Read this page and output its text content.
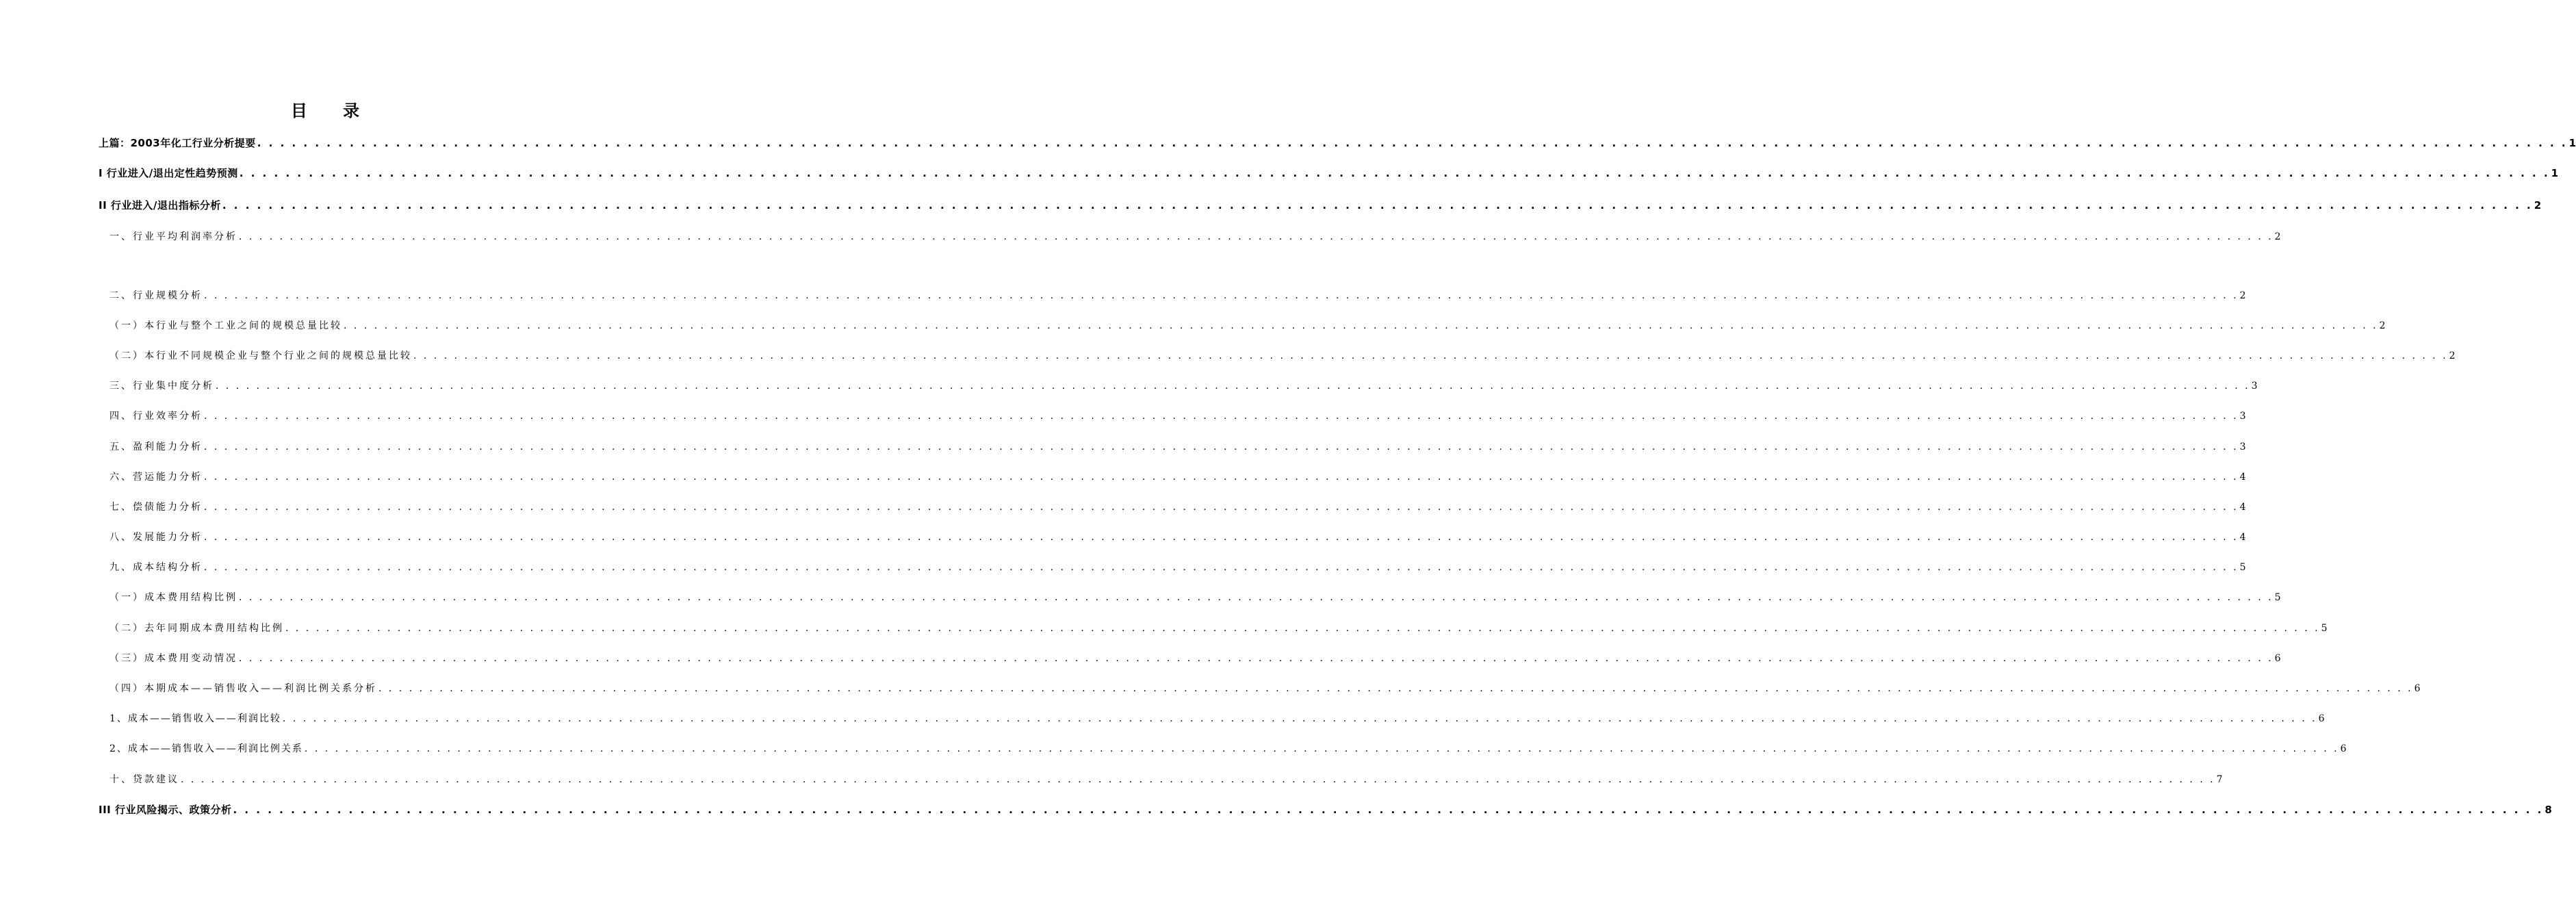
目 录
上篇：2003年化工行业分析提要 . . . . . . . . . . . . . . . . . . . . . . . . . . . . . . . . . . . . . . . . . . . . . . . . . . . . . . . . . . . . . . . . . . . . . . . . . . . . . . . . . . . . . . . . . . . . . . . . . . . . . . . . . . . . . . . . . . . . . . . . . . . . . . . . . . . . . . . . . . . . . . . . . . . . . . . . . . . . . . . . . . . . . . . . . . . . . . . . . . . . . . . . . . . . . . . . . . . . . . . . 1
I 行业进入/退出定性趋势预测 . . . . . . . . . . . . . . . . . . . . . . . . . . . . . . . . . . . . . . . . . . . . . . . . . . . . . . . . . . . . . . . . . . . . . . . . . . . . . . . . . . . . . . . . . . . . . . . . . . . . . . . . . . . . . . . . . . . . . . . . . . . . . . . . . . . . . . . . . . . . . . . . . . . . . . . . . . . . . . . . . . . . . . . . . . . . . . . . . . . . . . . . . . . . . . . . . . . . . . . . 1
II 行业进入/退出指标分析 . . . . . . . . . . . . . . . . . . . . . . . . . . . . . . . . . . . . . . . . . . . . . . . . . . . . . . . . . . . . . . . . . . . . . . . . . . . . . . . . . . . . . . . . . . . . . . . . . . . . . . . . . . . . . . . . . . . . . . . . . . . . . . . . . . . . . . . . . . . . . . . . . . . . . . . . . . . . . . . . . . . . . . . . . . . . . . . . . . . . . . . . . . . . . . . . . . . . . . . . 2
一、行业平均利润率分析 . . . . . . . . . . . . . . . . . . . . . . . . . . . . . . . . . . . . . . . . . . . . . . . . . . . . . . . . . . . . . . . . . . . . . . . . . . . . . . . . . . . . . . . . . . . . . . . . . . . . . . . . . . . . . . . . . . . . . . . . . . . . . . . . . . . . . . . . . . . . . . . . . . . . . . . . . . . . . . . . . . . . . . . . . . . . . . . . . . . . . . . . . . . . . . . . . . . . . . . . 2
二、行业规模分析 . . . . . . . . . . . . . . . . . . . . . . . . . . . . . . . . . . . . . . . . . . . . . . . . . . . . . . . . . . . . . . . . . . . . . . . . . . . . . . . . . . . . . . . . . . . . . . . . . . . . . . . . . . . . . . . . . . . . . . . . . . . . . . . . . . . . . . . . . . . . . . . . . . . . . . . . . . . . . . . . . . . . . . . . . . . . . . . . . . . . . . . . . . . . . . . . . . . . . . . . 2
（一）本行业与整个工业之间的规模总量比较 . . . . . . . . . . . . . . . . . . . . . . . . . . . . . . . . . . . . . . . . . . . . . . . . . . . . . . . . . . . . . . . . . . . . . . . . . . . . . . . . . . . . . . . . . . . . . . . . . . . . . . . . . . . . . . . . . . . . . . . . . . . . . . . . . . . . . . . . . . . . . . . . . . . . . . . . . . . . . . . . . . . . . . . . . . . . . . . . . . . . . . . . . . . . . . . . . . . . . . . . 2
（二）本行业不同规模企业与整个行业之间的规模总量比较 . . . . . . . . . . . . . . . . . . . . . . . . . . . . . . . . . . . . . . . . . . . . . . . . . . . . . . . . . . . . . . . . . . . . . . . . . . . . . . . . . . . . . . . . . . . . . . . . . . . . . . . . . . . . . . . . . . . . . . . . . . . . . . . . . . . . . . . . . . . . . . . . . . . . . . . . . . . . . . . . . . . . . . . . . . . . . . . . . . . . . . . . . . . . . . . . . . . . . . . . 2
三、行业集中度分析 . . . . . . . . . . . . . . . . . . . . . . . . . . . . . . . . . . . . . . . . . . . . . . . . . . . . . . . . . . . . . . . . . . . . . . . . . . . . . . . . . . . . . . . . . . . . . . . . . . . . . . . . . . . . . . . . . . . . . . . . . . . . . . . . . . . . . . . . . . . . . . . . . . . . . . . . . . . . . . . . . . . . . . . . . . . . . . . . . . . . . . . . . . . . . . . . . . . . . . . . 3
四、行业效率分析 . . . . . . . . . . . . . . . . . . . . . . . . . . . . . . . . . . . . . . . . . . . . . . . . . . . . . . . . . . . . . . . . . . . . . . . . . . . . . . . . . . . . . . . . . . . . . . . . . . . . . . . . . . . . . . . . . . . . . . . . . . . . . . . . . . . . . . . . . . . . . . . . . . . . . . . . . . . . . . . . . . . . . . . . . . . . . . . . . . . . . . . . . . . . . . . . . . . . . . . . 3
五、盈利能力分析 . . . . . . . . . . . . . . . . . . . . . . . . . . . . . . . . . . . . . . . . . . . . . . . . . . . . . . . . . . . . . . . . . . . . . . . . . . . . . . . . . . . . . . . . . . . . . . . . . . . . . . . . . . . . . . . . . . . . . . . . . . . . . . . . . . . . . . . . . . . . . . . . . . . . . . . . . . . . . . . . . . . . . . . . . . . . . . . . . . . . . . . . . . . . . . . . . . . . . . . . 3
六、营运能力分析 . . . . . . . . . . . . . . . . . . . . . . . . . . . . . . . . . . . . . . . . . . . . . . . . . . . . . . . . . . . . . . . . . . . . . . . . . . . . . . . . . . . . . . . . . . . . . . . . . . . . . . . . . . . . . . . . . . . . . . . . . . . . . . . . . . . . . . . . . . . . . . . . . . . . . . . . . . . . . . . . . . . . . . . . . . . . . . . . . . . . . . . . . . . . . . . . . . . . . . . . 4
七、偿债能力分析 . . . . . . . . . . . . . . . . . . . . . . . . . . . . . . . . . . . . . . . . . . . . . . . . . . . . . . . . . . . . . . . . . . . . . . . . . . . . . . . . . . . . . . . . . . . . . . . . . . . . . . . . . . . . . . . . . . . . . . . . . . . . . . . . . . . . . . . . . . . . . . . . . . . . . . . . . . . . . . . . . . . . . . . . . . . . . . . . . . . . . . . . . . . . . . . . . . . . . . . . 4
八、发展能力分析 . . . . . . . . . . . . . . . . . . . . . . . . . . . . . . . . . . . . . . . . . . . . . . . . . . . . . . . . . . . . . . . . . . . . . . . . . . . . . . . . . . . . . . . . . . . . . . . . . . . . . . . . . . . . . . . . . . . . . . . . . . . . . . . . . . . . . . . . . . . . . . . . . . . . . . . . . . . . . . . . . . . . . . . . . . . . . . . . . . . . . . . . . . . . . . . . . . . . . . . . 4
九、成本结构分析 . . . . . . . . . . . . . . . . . . . . . . . . . . . . . . . . . . . . . . . . . . . . . . . . . . . . . . . . . . . . . . . . . . . . . . . . . . . . . . . . . . . . . . . . . . . . . . . . . . . . . . . . . . . . . . . . . . . . . . . . . . . . . . . . . . . . . . . . . . . . . . . . . . . . . . . . . . . . . . . . . . . . . . . . . . . . . . . . . . . . . . . . . . . . . . . . . . . . . . . . 5
（一）成本费用结构比例 . . . . . . . . . . . . . . . . . . . . . . . . . . . . . . . . . . . . . . . . . . . . . . . . . . . . . . . . . . . . . . . . . . . . . . . . . . . . . . . . . . . . . . . . . . . . . . . . . . . . . . . . . . . . . . . . . . . . . . . . . . . . . . . . . . . . . . . . . . . . . . . . . . . . . . . . . . . . . . . . . . . . . . . . . . . . . . . . . . . . . . . . . . . . . . . . . . . . . . . . 5
（二）去年同期成本费用结构比例 . . . . . . . . . . . . . . . . . . . . . . . . . . . . . . . . . . . . . . . . . . . . . . . . . . . . . . . . . . . . . . . . . . . . . . . . . . . . . . . . . . . . . . . . . . . . . . . . . . . . . . . . . . . . . . . . . . . . . . . . . . . . . . . . . . . . . . . . . . . . . . . . . . . . . . . . . . . . . . . . . . . . . . . . . . . . . . . . . . . . . . . . . . . . . . . . . . . . . . . . 5
（三）成本费用变动情况 . . . . . . . . . . . . . . . . . . . . . . . . . . . . . . . . . . . . . . . . . . . . . . . . . . . . . . . . . . . . . . . . . . . . . . . . . . . . . . . . . . . . . . . . . . . . . . . . . . . . . . . . . . . . . . . . . . . . . . . . . . . . . . . . . . . . . . . . . . . . . . . . . . . . . . . . . . . . . . . . . . . . . . . . . . . . . . . . . . . . . . . . . . . . . . . . . . . . . . . . 6
（四）本期成本——销售收入——利润比例关系分析 . . . . . . . . . . . . . . . . . . . . . . . . . . . . . . . . . . . . . . . . . . . . . . . . . . . . . . . . . . . . . . . . . . . . . . . . . . . . . . . . . . . . . . . . . . . . . . . . . . . . . . . . . . . . . . . . . . . . . . . . . . . . . . . . . . . . . . . . . . . . . . . . . . . . . . . . . . . . . . . . . . . . . . . . . . . . . . . . . . . . . . . . . . . . . . . . . . . . . . . . 6
1、成本——销售收入——利润比较 . . . . . . . . . . . . . . . . . . . . . . . . . . . . . . . . . . . . . . . . . . . . . . . . . . . . . . . . . . . . . . . . . . . . . . . . . . . . . . . . . . . . . . . . . . . . . . . . . . . . . . . . . . . . . . . . . . . . . . . . . . . . . . . . . . . . . . . . . . . . . . . . . . . . . . . . . . . . . . . . . . . . . . . . . . . . . . . . . . . . . . . . . . . . . . . . . . . . . . . . 6
2、成本——销售收入——利润比例关系 . . . . . . . . . . . . . . . . . . . . . . . . . . . . . . . . . . . . . . . . . . . . . . . . . . . . . . . . . . . . . . . . . . . . . . . . . . . . . . . . . . . . . . . . . . . . . . . . . . . . . . . . . . . . . . . . . . . . . . . . . . . . . . . . . . . . . . . . . . . . . . . . . . . . . . . . . . . . . . . . . . . . . . . . . . . . . . . . . . . . . . . . . . . . . . . . . . . . . . . . 6
十、贷款建议 . . . . . . . . . . . . . . . . . . . . . . . . . . . . . . . . . . . . . . . . . . . . . . . . . . . . . . . . . . . . . . . . . . . . . . . . . . . . . . . . . . . . . . . . . . . . . . . . . . . . . . . . . . . . . . . . . . . . . . . . . . . . . . . . . . . . . . . . . . . . . . . . . . . . . . . . . . . . . . . . . . . . . . . . . . . . . . . . . . . . . . . . . . . . . . . . . . . . . . . . 7
III 行业风险揭示、政策分析 . . . . . . . . . . . . . . . . . . . . . . . . . . . . . . . . . . . . . . . . . . . . . . . . . . . . . . . . . . . . . . . . . . . . . . . . . . . . . . . . . . . . . . . . . . . . . . . . . . . . . . . . . . . . . . . . . . . . . . . . . . . . . . . . . . . . . . . . . . . . . . . . . . . . . . . . . . . . . . . . . . . . . . . . . . . . . . . . . . . . . . . . . . . . . . . . . . . . . . . . 8
